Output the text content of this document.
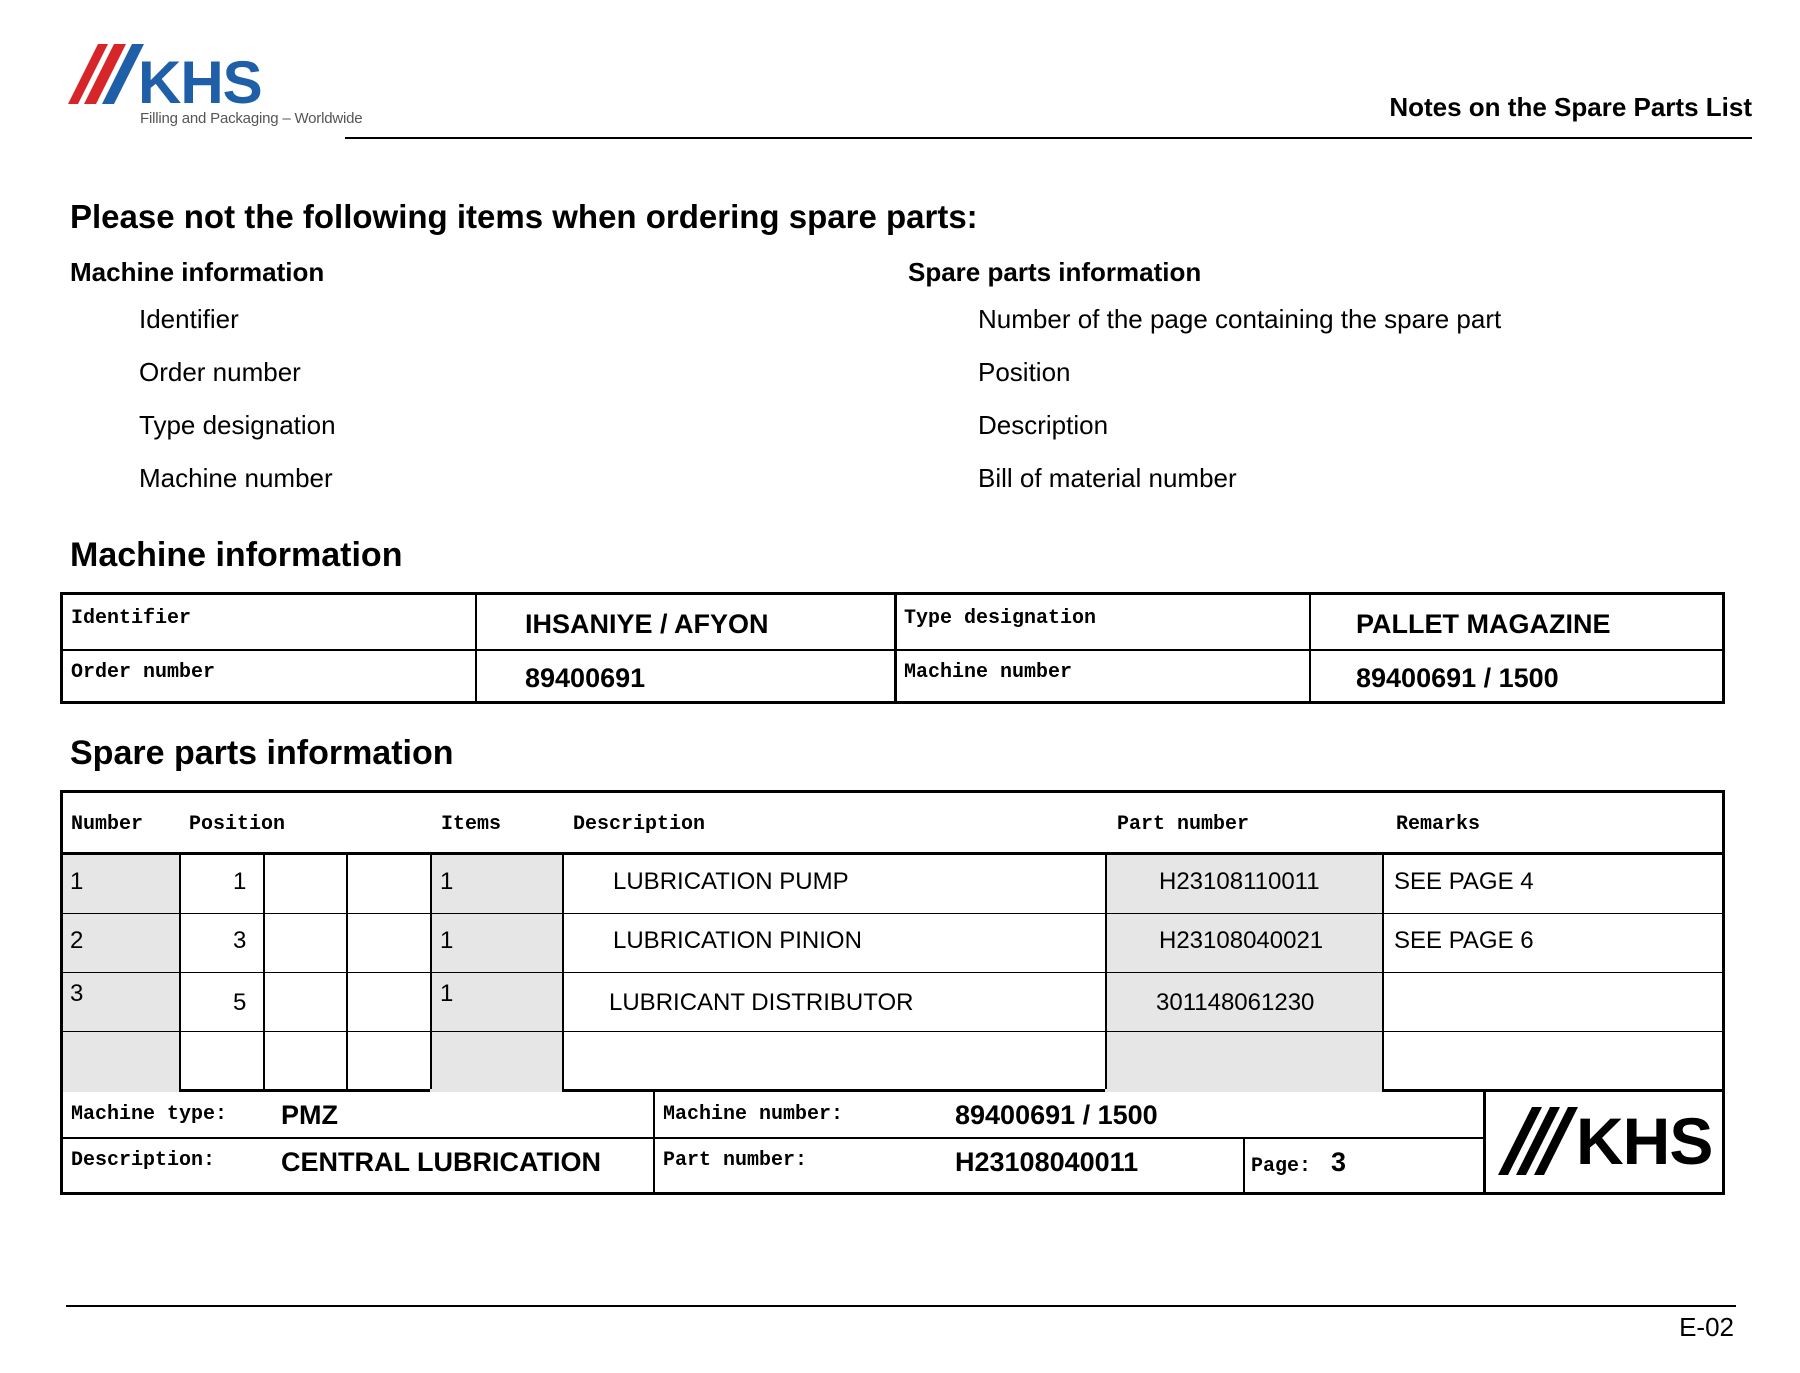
KHS
Filling and Packaging – Worldwide	Notes on the Spare Parts List
Please not the following items when ordering spare parts:
Machine information
Identifier
Order number
Type designation
Machine number
Spare parts information
Number of the page containing the spare part
Position
Description
Bill of material number
Machine information
Identifier	IHSANIYE / AFYON	Type designation	PALLET MAGAZINE
Order number	89400691	Machine number	89400691 / 1500
Spare parts information
Number Position	Items	Description	Part number	Remarks
1	1	1	LUBRICATION PUMP	H23108110011	SEE PAGE 4
2	3	1	LUBRICATION PINION	H23108040021	SEE PAGE 6
3	5	1	LUBRICANT DISTRIBUTOR	301148061230
Machine type: PMZ	Machine number:	89400691 / 1500
Description: CENTRAL LUBRICATION	Part number:	H23108040011	Page: 3	KHS
E-02
